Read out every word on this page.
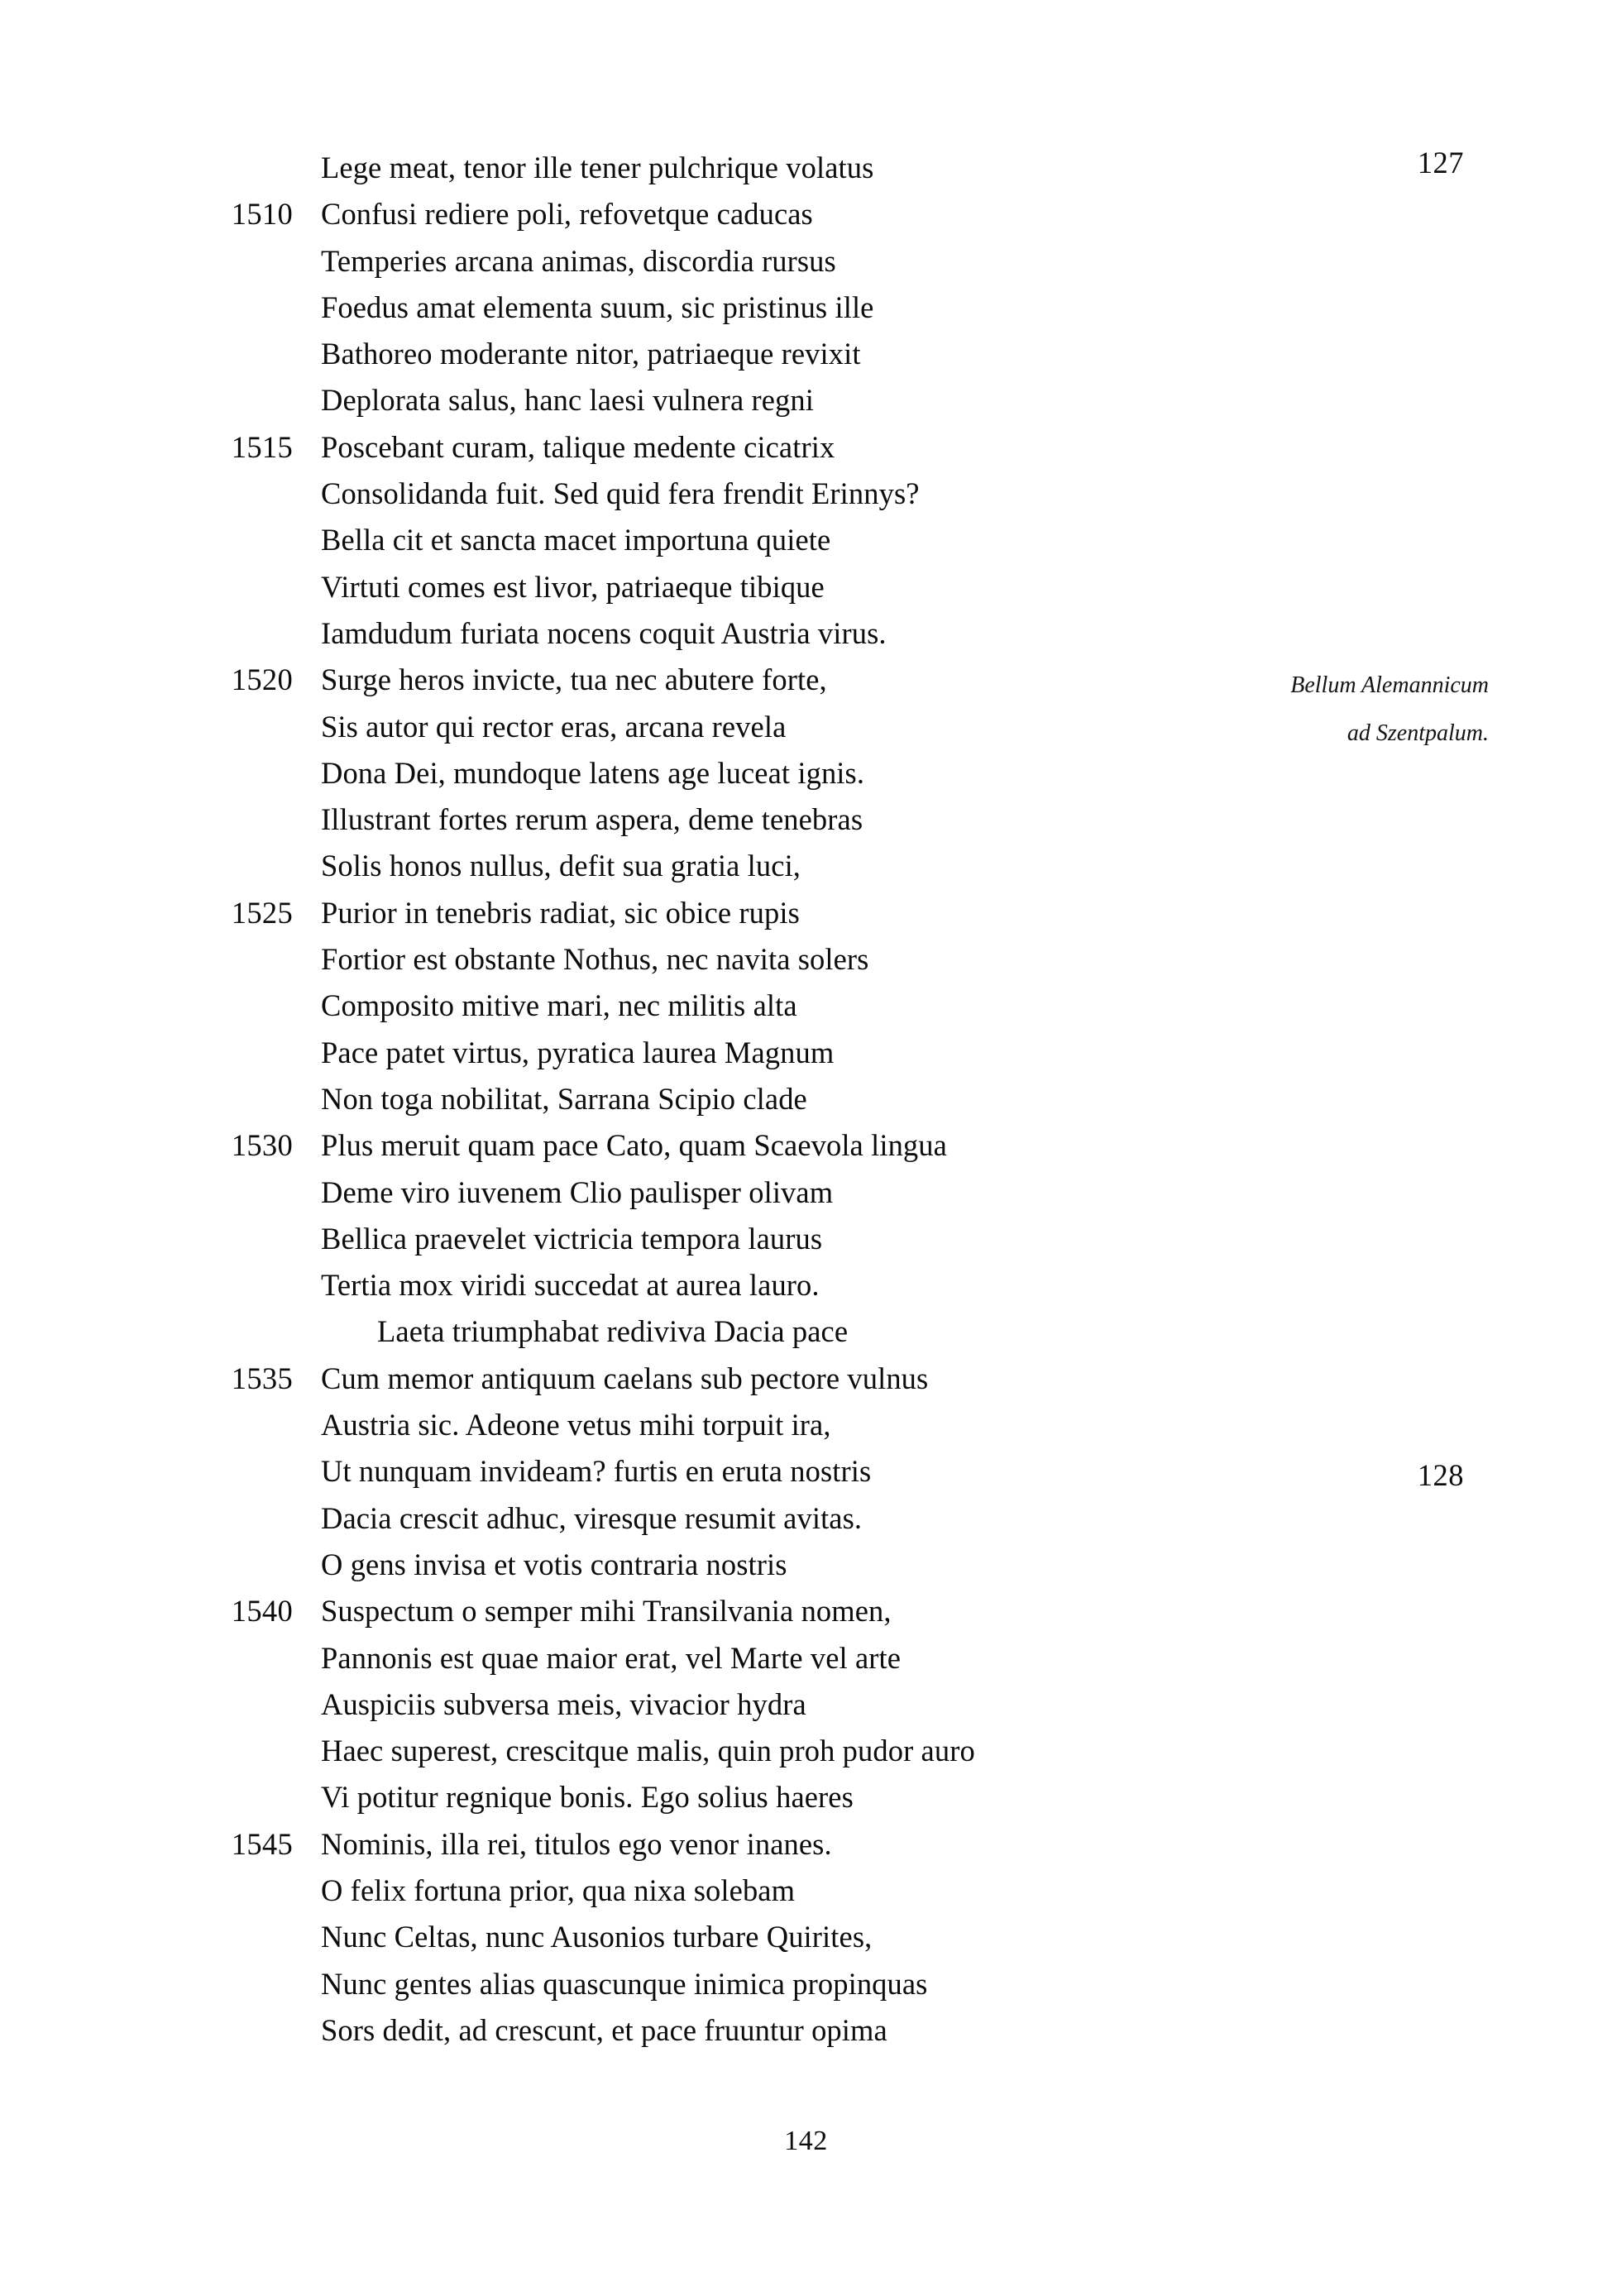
Lege meat, tenor ille tener pulchrique volatus
1510 Confusi rediere poli, refovetque caducas
Temperies arcana animas, discordia rursus
Foedus amat elementa suum, sic pristinus ille
Bathoreo moderante nitor, patriaeque revixit
Deplorata salus, hanc laesi vulnera regni
1515 Poscebant curam, talique medente cicatrix
Consolidanda fuit. Sed quid fera frendit Erinnys?
Bella cit et sancta macet importuna quiete
Virtuti comes est livor, patriaeque tibique
Iamdudum furiata nocens coquit Austria virus.
1520 Surge heros invicte, tua nec abutere forte,
Sis autor qui rector eras, arcana revela
Dona Dei, mundoque latens age luceat ignis.
Illustrant fortes rerum aspera, deme tenebras
Solis honos nullus, defit sua gratia luci,
1525 Purior in tenebris radiat, sic obice rupis
Fortior est obstante Nothus, nec navita solers
Composito mitive mari, nec militis alta
Pace patet virtus, pyratica laurea Magnum
Non toga nobilitat, Sarrana Scipio clade
1530 Plus meruit quam pace Cato, quam Scaevola lingua
Deme viro iuvenem Clio paulisper olivam
Bellica praevelet victricia tempora laurus
Tertia mox viridi succedat at aurea lauro.
Laeta triumphabat rediviva Dacia pace
1535 Cum memor antiquum caelans sub pectore vulnus
Austria sic. Adeone vetus mihi torpuit ira,
Ut nunquam invideam? furtis en eruta nostris
Dacia crescit adhuc, viresque resumit avitas.
O gens invisa et votis contraria nostris
1540 Suspectum o semper mihi Transilvania nomen,
Pannonis est quae maior erat, vel Marte vel arte
Auspiciis subversa meis, vivacior hydra
Haec superest, crescitque malis, quin proh pudor auro
Vi potitur regnique bonis. Ego solius haeres
1545 Nominis, illa rei, titulos ego venor inanes.
O felix fortuna prior, qua nixa solebam
Nunc Celtas, nunc Ausonios turbare Quirites,
Nunc gentes alias quascunque inimica propinquas
Sors dedit, ad crescunt, et pace fruuntur opima
127
128
Bellum Alemannicum
ad Szentpalum.
142
